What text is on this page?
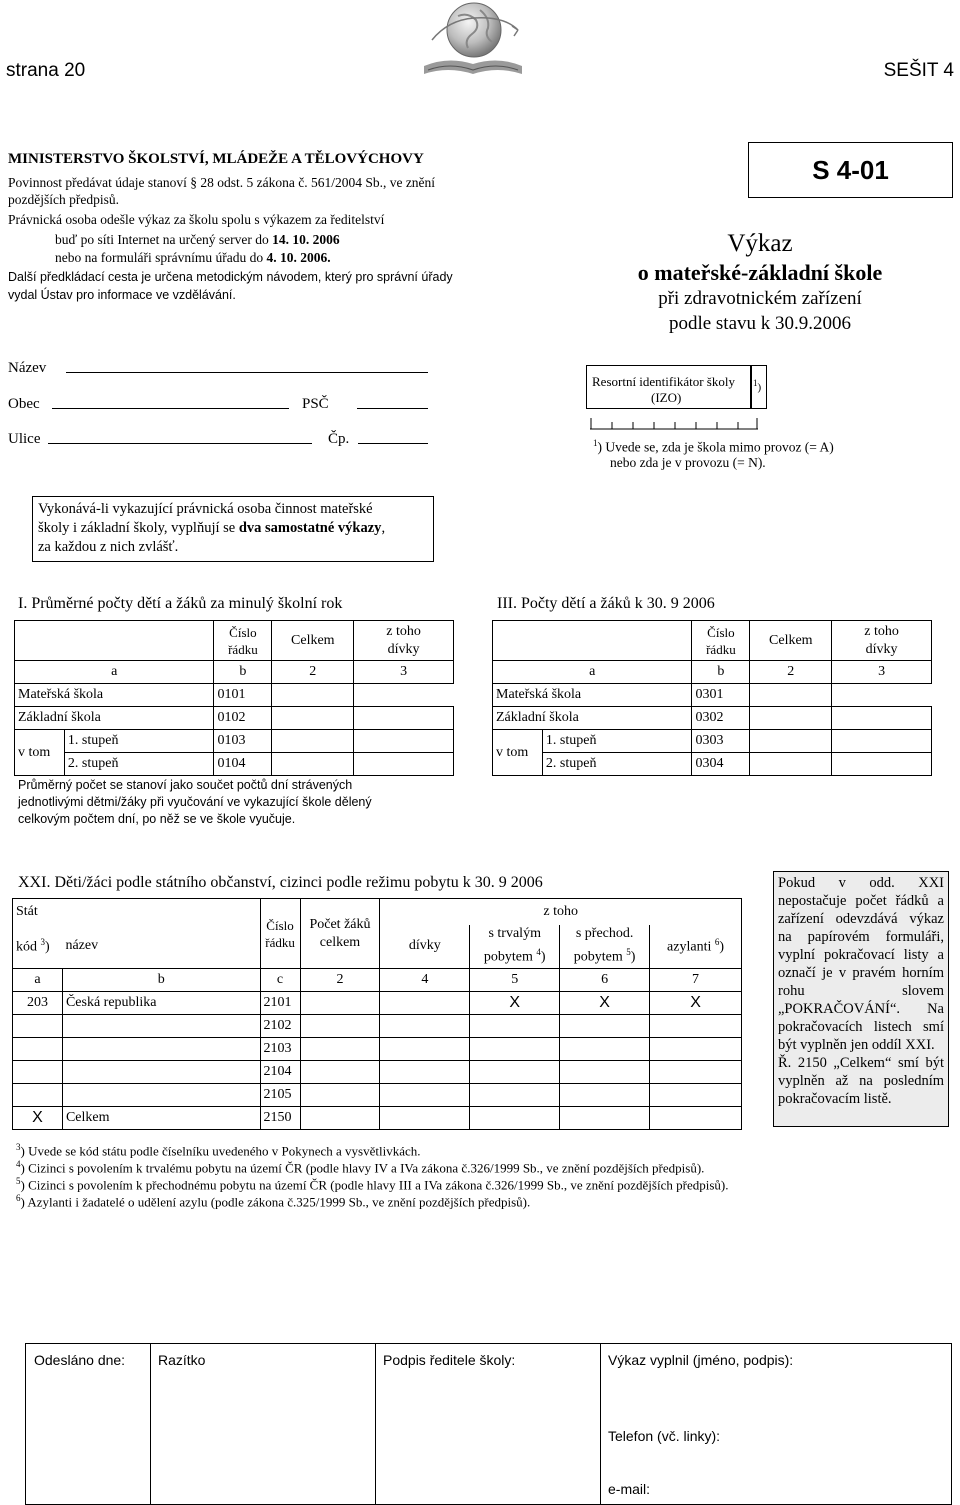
strana 20	SEŠIT 4
MINISTERSTVO ŠKOLSTVÍ, MLÁDEŽE A TĚLOVÝCHOVY
Povinnost předávat údaje stanoví § 28 odst. 5 zákona č. 561/2004 Sb., ve znění
pozdějších předpisů.
Právnická osoba odešle výkaz za školu spolu s výkazem za ředitelství
buď po síti Internet na určený server do 14. 10. 2006
nebo na formuláři správnímu úřadu do 4. 10. 2006.
Další předkládací cesta je určena metodickým návodem, který pro správní úřady
vydal Ústav pro informace ve vzdělávání.
S 4-01
Výkaz
o mateřské-základní škole
při zdravotnickém zařízení
podle stavu k 30.9.2006
Název
Obec	PSČ
Ulice	Čp.
Resortní identifikátor školy
(IZO)
$^1$)
$^1$) Uvede se, zda je škola mimo provoz (= A)
nebo zda je v provozu (= N).
Vykonává-li vykazující právnická osoba činnost mateřské
školy i základní školy, vyplňují se dva samostatné výkazy,
za každou z nich zvlášť.
I. Průměrné počty dětí a žáků za minulý školní rok
		Číslo řádku	Celkem	z toho
dívky
a		b	2	3
Mateřská škola		0101		
Základní škola		0102		
v tom	1. stupeň	0103		
	2. stupeň	0104		
Průměrný počet se stanoví jako součet počtů dní strávených
jednotlivými dětmi/žáky při vyučování ve vykazující škole dělený
celkovým počtem dní, po něž se ve škole vyučuje.
III. Počty dětí a žáků k 30. 9 2006
		Číslo řádku	Celkem	z toho
dívky
a		b	2	3
Mateřská škola		0301		
Základní škola		0302		
v tom	1. stupeň	0303		
	2. stupeň	0304		
XXI. Děti/žáci podle státního občanství, cizinci podle režimu pobytu k 30. 9 2006
Stát		Číslo řádku	Počet žáků celkem	z toho			
kód $^3$)	název			dívky	s trvalým pobytem $^4$)	s přechod. pobytem $^5$)	azylanti $^6$)
a	b	c	2	4	5	6	7
203	Česká republika	2101			X	X	X
		2102					
		2103					
		2104					
		2105					
X	Celkem	2150					
Pokud v odd. XXI nepostačuje počet řádků a zařízení odevzdává výkaz na papírovém formuláři, vyplní pokračovací listy a označí je v pravém horním rohu slovem „POKRAČOVÁNÍ“. Na pokračovacích listech smí být vyplněn jen oddíl XXI.
Ř. 2150 „Celkem“ smí být vyplněn až na posledním pokračovacím listě.
$^3$) Uvede se kód státu podle číselníku uvedeného v Pokynech a vysvětlivkách.
$^4$) Cizinci s povolením k trvalému pobytu na území ČR (podle hlavy IV a IVa zákona č.326/1999 Sb., ve znění pozdějších předpisů).
$^5$) Cizinci s povolením k přechodnému pobytu na území ČR (podle hlavy III a IVa zákona č.326/1999 Sb., ve znění pozdějších předpisů).
$^6$) Azylanti i žadatelé o udělení azylu (podle zákona č.325/1999 Sb., ve znění pozdějších předpisů).
Odesláno dne: Razítko	Podpis ředitele školy:	Výkaz vyplnil (jméno, podpis):
Telefon (vč. linky):
e-mail:
